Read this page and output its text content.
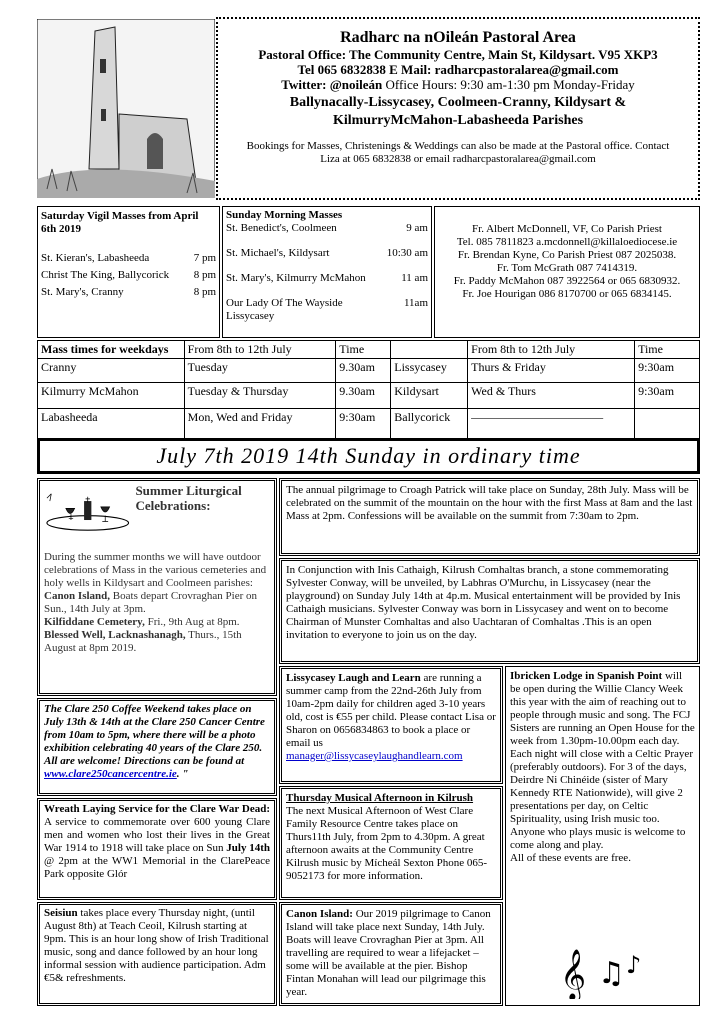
Radharc na nOileán Pastoral Area

Pastoral Office: The Community Centre, Main St, Kildysart. V95 XKP3

Tel 065 6832838 E Mail: radharcpastoralarea@gmail.com

Twitter: @noileán Office Hours: 9:30 am-1:30 pm Monday-Friday

Ballynacally-Lissycasey, Coolmeen-Cranny, Kildysart & KilmurryMcMahon-Labasheeda Parishes

Bookings for Masses, Christenings & Weddings can also be made at the Pastoral office. Contact Liza at 065 6832838 or email radharcpastoralarea@gmail.com

Saturday Vigil Masses from April 6th 2019

St. Kieran's, Labasheeda	7 pm
Christ The King, Ballycorick 8 pm
St. Mary's, Cranny	8 pm

Sunday Morning Masses

St. Benedict's, Coolmeen	9 am
St. Michael's, Kildysart	10:30 am
St. Mary's, Kilmurry McMahon	11 am
Our Lady Of The Wayside Lissycasey
11am

Fr. Albert McDonnell, VF, Co Parish Priest

Tel. 085 7811823 a.mcdonnell@killaloediocese.ie

Fr. Brendan Kyne, Co Parish Priest 087 2025038.

Fr. Tom McGrath 087 7414319.

Fr. Paddy McMahon 087 3922564 or 065 6830932.

Fr. Joe Hourigan 086 8170700 or 065 6834145.

Mass times for weekdays	From 8th to 12th July	Time		From 8th to 12th July	Time
Cranny	Tuesday	9.30am	Lissycasey	Thurs & Friday	9:30am
Kilmurry McMahon	Tuesday & Thursday	9.30am	Kildysart	Wed & Thurs	9:30am
Labasheeda	Mon, Wed and Friday	9:30am	Ballycorick	———————————	

July 7th 2019 14th Sunday in ordinary time

Summer Liturgical Celebrations:

During the summer months we will have outdoor celebrations of Mass in the various cemeteries and holy wells in Kildysart and Coolmeen parishes:

Canon Island, Boats depart Crovraghan Pier on Sun., 14th July at 3pm.

Kilfiddane Cemetery, Fri., 9th Aug at 8pm.

Blessed Well, Lacknashanagh, Thurs., 15th August at 8pm 2019.

The Clare 250 Coffee Weekend takes place on July 13th & 14th at the Clare 250 Cancer Centre from 10am to 5pm, where there will be a photo exhibition celebrating 40 years of the Clare 250. All are welcome! Directions can be found at www.clare250cancercentre.ie. "

Wreath Laying Service for the Clare War Dead: A service to commemorate over 600 young Clare men and women who lost their lives in the Great War 1914 to 1918 will take place on Sun July 14th @ 2pm at the WW1 Memorial in the ClarePeace Park opposite Glór

Seisiun takes place every Thursday night, (until August 8th) at Teach Ceoil, Kilrush starting at 9pm. This is an hour long show of Irish Traditional music, song and dance followed by an hour long informal session with audience participation. Adm €5& refreshments.

The annual pilgrimage to Croagh Patrick will take place on Sunday, 28th July. Mass will be celebrated on the summit of the mountain on the hour with the first Mass at 8am and the last Mass at 2pm. Confessions will be available on the summit from 7:30am to 2pm.

In Conjunction with Inis Cathaigh, Kilrush Comhaltas branch, a stone commemorating Sylvester Conway, will be unveiled, by Labhras O'Murchu, in Lissycasey (near the playground) on Sunday July 14th at 4p.m. Musical entertainment will be provided by Inis Cathaigh musicians. Sylvester Conway was born in Lissycasey and went on to become Chairman of Munster Comhaltas and also Uachtaran of Comhaltas .This is an open invitation to everyone to join us on the day.

Lissycasey Laugh and Learn are running a summer camp from the 22nd-26th July from 10am-2pm daily for children aged 3-10 years old, cost is €55 per child. Please contact Lisa or Sharon on 0656834863 to book a place or email us manager@lissycaseylaughandlearn.com

Thursday Musical Afternoon in Kilrush

The next Musical Afternoon of West Clare Family Resource Centre takes place on Thurs11th July, from 2pm to 4.30pm. A great afternoon awaits at the Community Centre Kilrush music by Mícheál Sexton Phone 065-9052173 for more information.

Canon Island: Our 2019 pilgrimage to Canon Island will take place next Sunday, 14th July. Boats will leave Crovraghan Pier at 3pm. All travelling are required to wear a lifejacket – some will be available at the pier. Bishop Fintan Monahan will lead our pilgrimage this year.

Ibricken Lodge in Spanish Point will be open during the Willie Clancy Week this year with the aim of reaching out to people through music and song. The FCJ Sisters are running an Open House for the week from 1.30pm-10.00pm each day. Each night will close with a Celtic Prayer (preferably outdoors). For 3 of the days, Deirdre Ni Chinéide (sister of Mary Kennedy RTE Nationwide), will give 2 presentations per day, on Celtic Spirituality, using Irish music too. Anyone who plays music is welcome to come along and play.

All of these events are free.

𝄞 ♫ ♪
